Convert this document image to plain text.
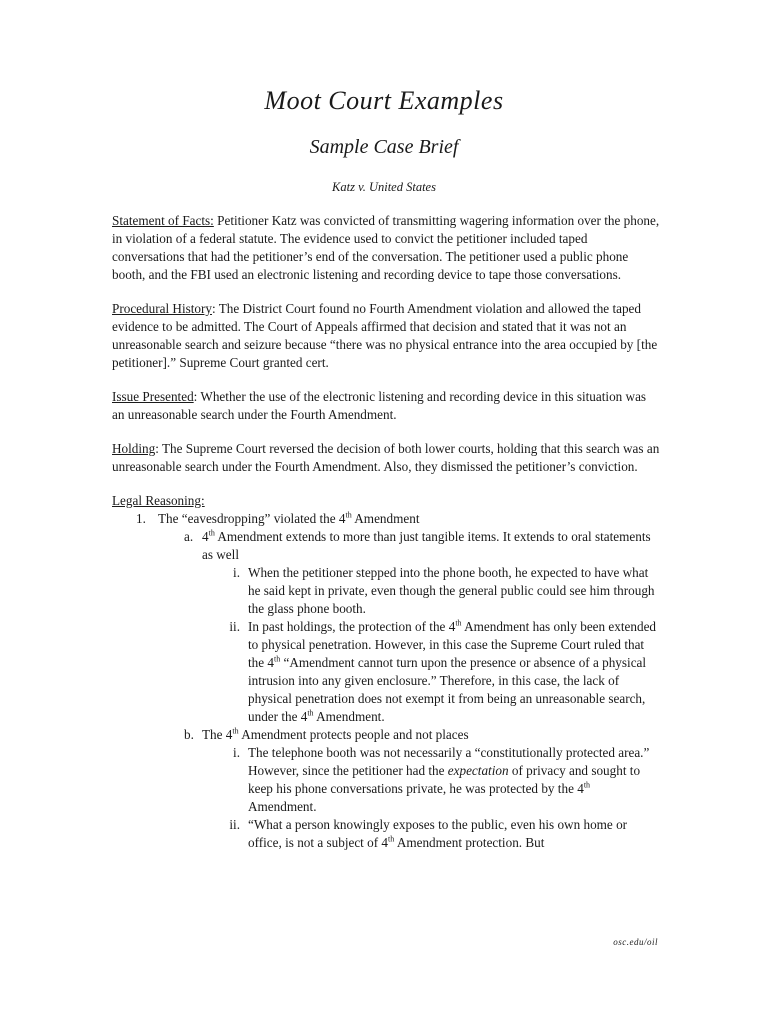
Moot Court Examples
Sample Case Brief
Katz v. United States

Statement of Facts: Petitioner Katz was convicted of transmitting wagering information over the phone, in violation of a federal statute. The evidence used to convict the petitioner included taped conversations that had the petitioner’s end of the conversation. The petitioner used a public phone booth, and the FBI used an electronic listening and recording device to tape those conversations.

Procedural History: The District Court found no Fourth Amendment violation and allowed the taped evidence to be admitted. The Court of Appeals affirmed that decision and stated that it was not an unreasonable search and seizure because “there was no physical entrance into the area occupied by [the petitioner].” Supreme Court granted cert.

Issue Presented: Whether the use of the electronic listening and recording device in this situation was an unreasonable search under the Fourth Amendment.

Holding: The Supreme Court reversed the decision of both lower courts, holding that this search was an unreasonable search under the Fourth Amendment. Also, they dismissed the petitioner’s conviction.

Legal Reasoning:

1. The “eavesdropping” violated the 4th Amendment
a. 4th Amendment extends to more than just tangible items. It extends to oral statements as well
i. When the petitioner stepped into the phone booth, he expected to have what he said kept in private, even though the general public could see him through the glass phone booth.
ii. In past holdings, the protection of the 4th Amendment has only been extended to physical penetration. However, in this case the Supreme Court ruled that the 4th “Amendment cannot turn upon the presence or absence of a physical intrusion into any given enclosure.” Therefore, in this case, the lack of physical penetration does not exempt it from being an unreasonable search, under the 4th Amendment.
b. The 4th Amendment protects people and not places
i. The telephone booth was not necessarily a “constitutionally protected area.” However, since the petitioner had the expectation of privacy and sought to keep his phone conversations private, he was protected by the 4th Amendment.
ii. “What a person knowingly exposes to the public, even his own home or office, is not a subject of 4th Amendment protection. But
osc.edu/oil
